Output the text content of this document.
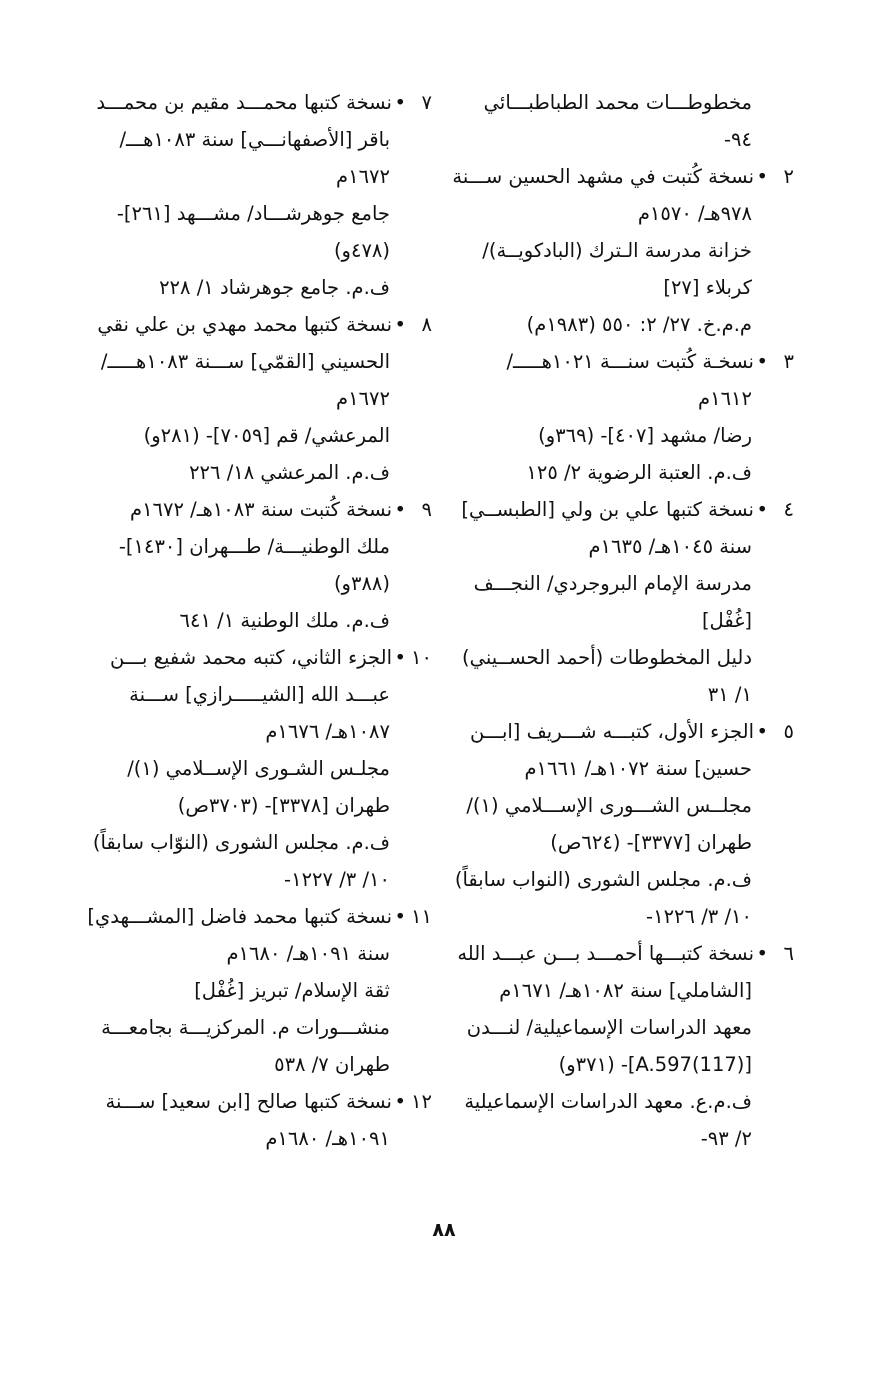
مخطوطـــات محمد الطباطبـــائي

٩٤-

٢•نسخة كُتبت في مشهد الحسين ســـنة

٩٧٨هـ/ ١٥٧٠م

خزانة مدرسة الـترك (البادكويــة)/

كربلاء [٢٧]

م.م.خ. ٢٧/ ٢: ٥٥٠ (١٩٨٣م)

٣•نسخـة كُتبت سنـــة ١٠٢١هـــــ/

١٦١٢م

رضا/ مشهد [٤٠٧]- (٣٦٩و)

ف.م. العتبة الرضوية ٢/ ١٢٥

٤•نسخة كتبها علي بن ولي [الطبســي]

سنة ١٠٤٥هـ/ ١٦٣٥م

مدرسة الإمام البروجردي/ النجـــف

[غُفْل]

دليل المخطوطات (أحمد الحســيني)

١/ ٣١

٥•الجزء الأول، كتبـــه شـــريف [ابـــن

حسين] سنة ١٠٧٢هـ/ ١٦٦١م

مجلــس الشـــورى الإســـلامي (١)/

طهران [٣٣٧٧]- (٦٢٤ص)

ف.م. مجلس الشورى (النواب سابقاً)

١٠/ ٣/ ١٢٢٦-

٦•نسخة كتبـــها أحمـــد بـــن عبـــد الله

[الشاملي] سنة ١٠٨٢هـ/ ١٦٧١م

معهد الدراسات الإسماعيلية/ لنـــدن

[(117)A.597]- (٣٧١و)

ف.م.ع. معهد الدراسات الإسماعيلية

٢/ ٩٣-

٧•نسخة كتبها محمـــد مقيم بن محمـــد

باقر [الأصفهانـــي] سنة ١٠٨٣هـــ/

١٦٧٢م

جامع جوهرشـــاد/ مشـــهد [٢٦١]-

(٤٧٨و)

ف.م. جامع جوهرشاد ١/ ٢٢٨

٨•نسخة كتبها محمد مهدي بن علي نقي

الحسيني [القمّي] ســـنة ١٠٨٣هـــــ/

١٦٧٢م

المرعشي/ قم [٧٠٥٩]- (٢٨١و)

ف.م. المرعشي ١٨/ ٢٢٦

٩•نسخة كُتبت سنة ١٠٨٣هـ/ ١٦٧٢م

ملك الوطنيـــة/ طـــهران [١٤٣٠]-

(٣٨٨و)

ف.م. ملك الوطنية ١/ ٦٤١

١٠•الجزء الثاني، كتبه محمد شفيع بـــن

عبـــد الله [الشيـــــرازي] ســـنة

١٠٨٧هـ/ ١٦٧٦م

مجلـس الشـورى الإســلامي (١)/

طهران [٣٣٧٨]- (٣٧٠٣ص)

ف.م. مجلس الشورى (النوّاب سابقاً)

١٠/ ٣/ ١٢٢٧-

١١•نسخة كتبها محمد فاضل [المشـــهدي]

سنة ١٠٩١هـ/ ١٦٨٠م

ثقة الإسلام/ تبريز [غُفْل]

منشـــورات م. المركزيـــة بجامعـــة

طهران ٧/ ٥٣٨

١٢•نسخة كتبها صالح [ابن سعيد] ســـنة

١٠٩١هـ/ ١٦٨٠م

٨٨
